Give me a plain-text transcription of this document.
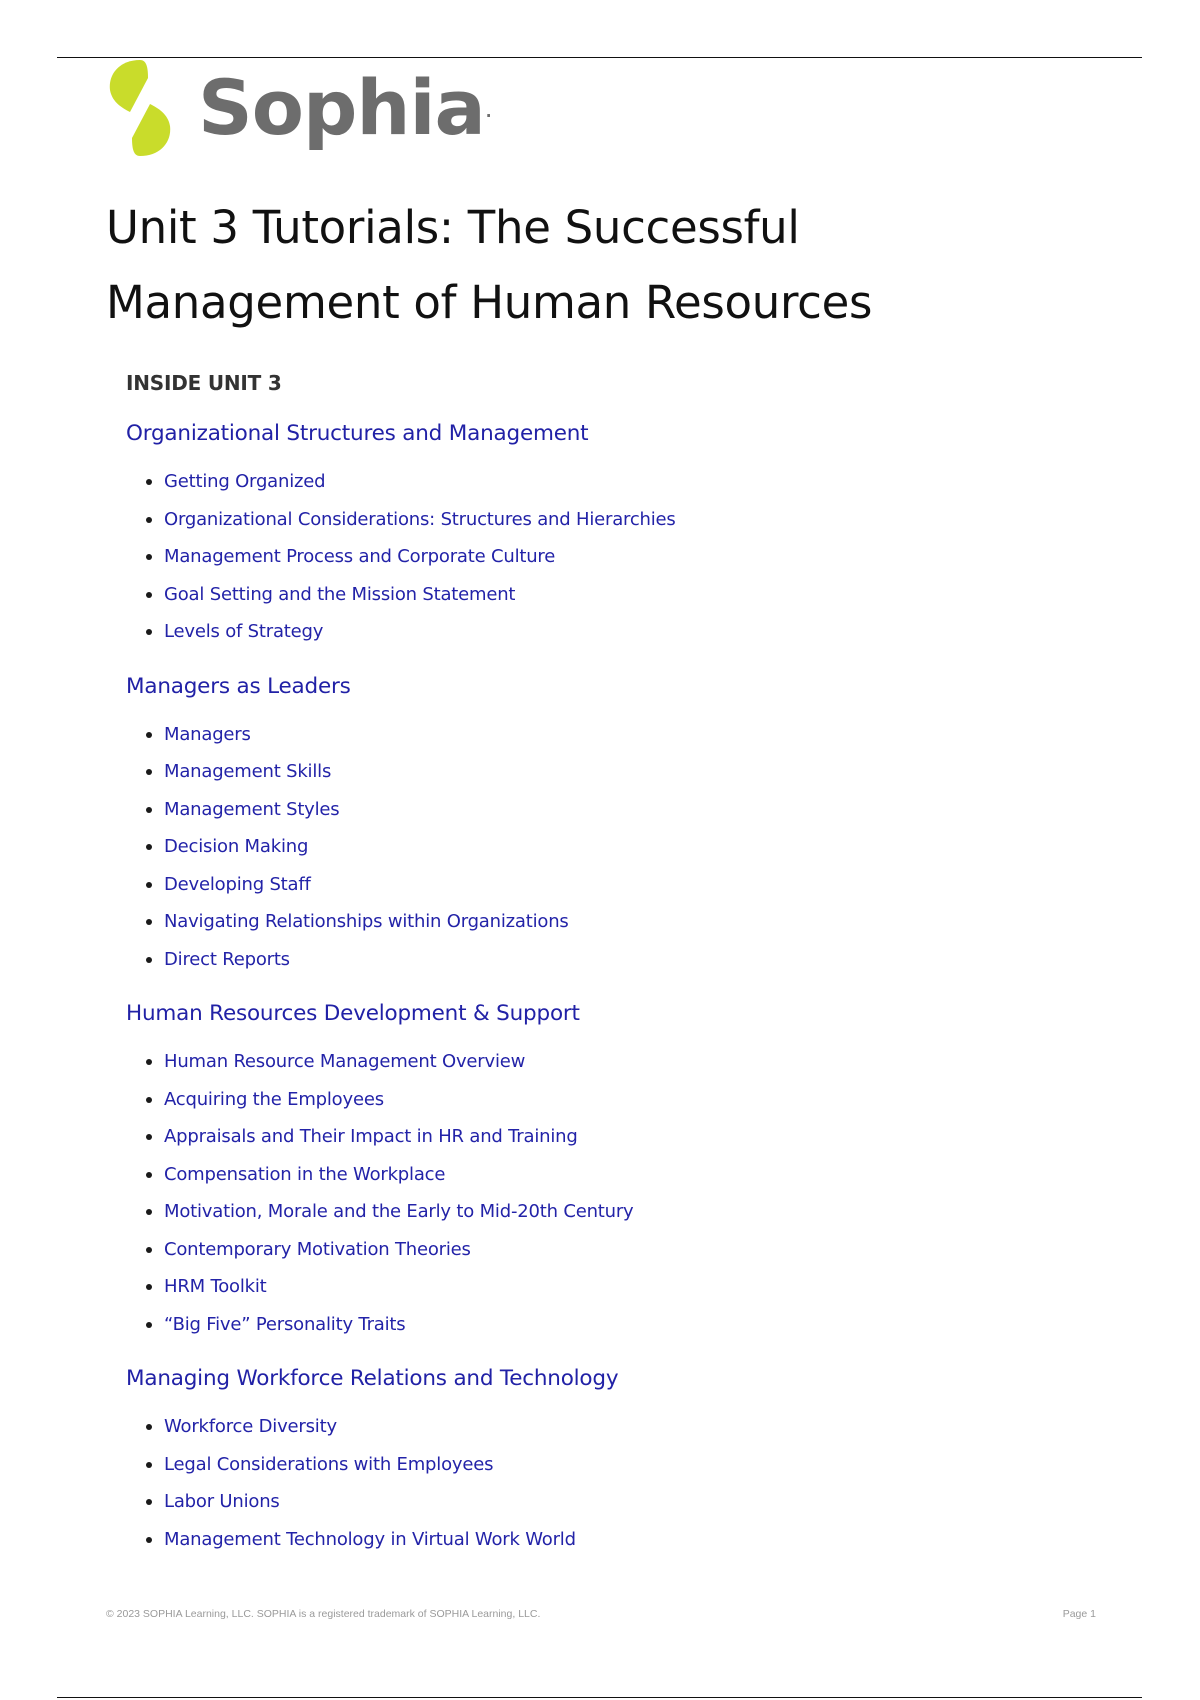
Sophia .
Unit 3 Tutorials: The Successful Management of Human Resources
INSIDE UNIT 3
Organizational Structures and Management
Getting Organized
Organizational Considerations: Structures and Hierarchies
Management Process and Corporate Culture
Goal Setting and the Mission Statement
Levels of Strategy
Managers as Leaders
Managers
Management Skills
Management Styles
Decision Making
Developing Staff
Navigating Relationships within Organizations
Direct Reports
Human Resources Development & Support
Human Resource Management Overview
Acquiring the Employees
Appraisals and Their Impact in HR and Training
Compensation in the Workplace
Motivation, Morale and the Early to Mid-20th Century
Contemporary Motivation Theories
HRM Toolkit
“Big Five” Personality Traits
Managing Workforce Relations and Technology
Workforce Diversity
Legal Considerations with Employees
Labor Unions
Management Technology in Virtual Work World
© 2023 SOPHIA Learning, LLC. SOPHIA is a registered trademark of SOPHIA Learning, LLC.	Page 1
